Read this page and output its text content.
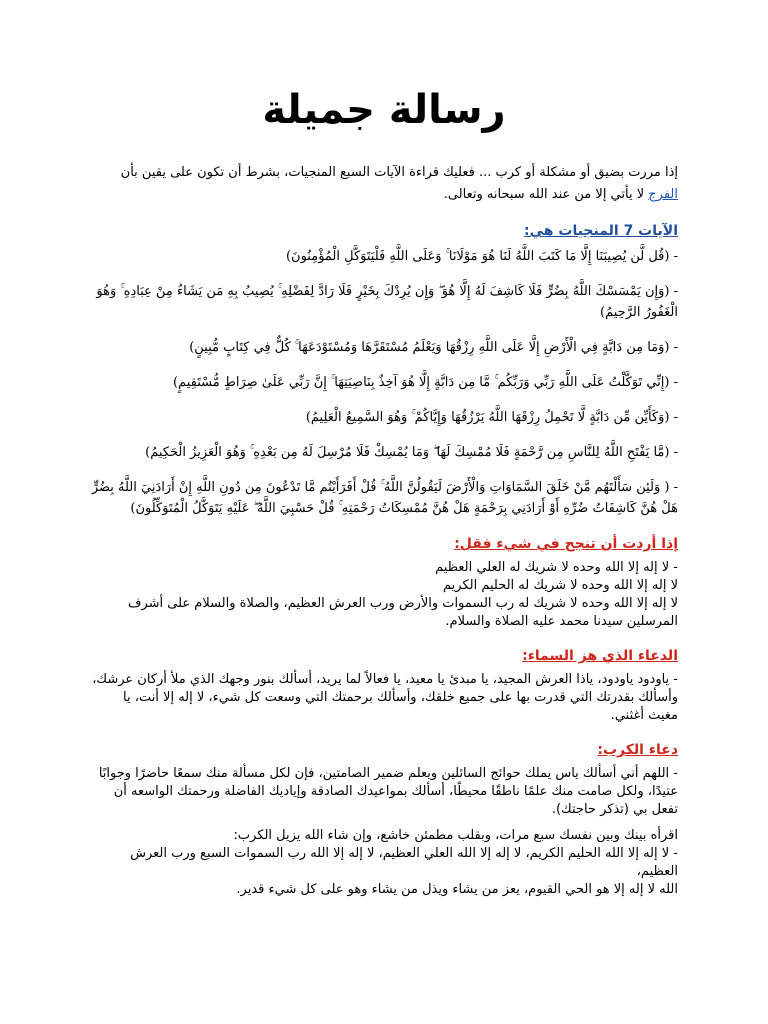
رسالة جميلة

إذا مررت بضيق أو مشكلة أو كرب ... فعليك قراءة الآيات السبع المنجيات، بشرط أن تكون على يقين بأن الفرج لا يأتي إلا من عند الله سبحانه وتعالى.

الآيات 7 المنجيات هي:

- (قُل لَّن يُصِيبَنَا إِلَّا مَا كَتَبَ اللَّهُ لَنَا هُوَ مَوْلَانَا ۚ وَعَلَى اللَّهِ فَلْيَتَوَكَّلِ الْمُؤْمِنُونَ)

- (وَإِن يَمْسَسْكَ اللَّهُ بِضُرٍّ فَلَا كَاشِفَ لَهُ إِلَّا هُوَ ۖ وَإِن يُرِدْكَ بِخَيْرٍ فَلَا رَادَّ لِفَضْلِهِ ۚ يُصِيبُ بِهِ مَن يَشَاءُ مِنْ عِبَادِهِ ۚ وَهُوَ الْغَفُورُ الرَّحِيمُ)

- (وَمَا مِن دَابَّةٍ فِي الْأَرْضِ إِلَّا عَلَى اللَّهِ رِزْقُهَا وَيَعْلَمُ مُسْتَقَرَّهَا وَمُسْتَوْدَعَهَا ۚ كُلٌّ فِي كِتَابٍ مُّبِينٍ)

- (إِنِّي تَوَكَّلْتُ عَلَى اللَّهِ رَبِّي وَرَبِّكُم ۚ مَّا مِن دَابَّةٍ إِلَّا هُوَ آخِذٌ بِنَاصِيَتِهَا ۚ إِنَّ رَبِّي عَلَىٰ صِرَاطٍ مُّسْتَقِيمٍ)

- (وَكَأَيِّن مِّن دَابَّةٍ لَّا تَحْمِلُ رِزْقَهَا اللَّهُ يَرْزُقُهَا وَإِيَّاكُمْ ۚ وَهُوَ السَّمِيعُ الْعَلِيمُ)

- (مَّا يَفْتَحِ اللَّهُ لِلنَّاسِ مِن رَّحْمَةٍ فَلَا مُمْسِكَ لَهَا ۖ وَمَا يُمْسِكْ فَلَا مُرْسِلَ لَهُ مِن بَعْدِهِ ۚ وَهُوَ الْعَزِيزُ الْحَكِيمُ)

- ( وَلَئِن سَأَلْتَهُم مَّنْ خَلَقَ السَّمَاوَاتِ وَالْأَرْضَ لَيَقُولُنَّ اللَّهُ ۚ قُلْ أَفَرَأَيْتُم مَّا تَدْعُونَ مِن دُونِ اللَّهِ إِنْ أَرَادَنِيَ اللَّهُ بِضُرٍّ هَلْ هُنَّ كَاشِفَاتُ ضُرِّهِ أَوْ أَرَادَنِي بِرَحْمَةٍ هَلْ هُنَّ مُمْسِكَاتُ رَحْمَتِهِ ۚ قُلْ حَسْبِيَ اللَّهُ ۖ عَلَيْهِ يَتَوَكَّلُ الْمُتَوَكِّلُونَ)

إذا أردت أن تنجح في شيء فقل:

- لا إله إلا الله وحده لا شريك له العلي العظيم

لا إله إلا الله وحده لا شريك له الحليم الكريم

لا إله إلا الله وحده لا شريك له رب السموات والأرض ورب العرش العظيم، والصلاة والسلام على أشرف المرسلين سيدنا محمد عليه الصلاة والسلام.

الدعاء الذي هز السماء:

- ياودود ياودود، ياذا العرش المجيد، يا مبدئ يا معيد، يا فعالاً لما يريد، أسألك بنور وجهك الذي ملأ أركان عرشك، وأسألك بقدرتك التي قدرت بها على جميع خلقك، وأسألك برحمتك التي وسعت كل شيء، لا إله إلا أنت، يا مغيث أغثني.

دعاء الكرب:

- اللهم أني أسألك ياس يملك حوائج السائلين ويعلم ضمير الصامتين، فإن لكل مسألة منك سمعًا حاضرًا وجوابًا عتيدًا، ولكل صامت منك علمًا ناطقًا محيطًا، أسألك بمواعيدك الصادقة وإياديك الفاضلة ورحمتك الواسعه أن تفعل بي (تذكر حاجتك).

اقرأه بينك وبين نفسك سبع مرات، وبقلب مطمئن خاشع، وإن شاء الله يزيل الكرب:

- لا إله إلا الله الحليم الكريم، لا إله إلا الله العلي العظيم، لا إله إلا الله رب السموات السبع ورب العرش العظيم،

الله لا إله إلا هو الحي القيوم، يعز من يشاء ويذل من يشاء وهو على كل شيء قدير.
